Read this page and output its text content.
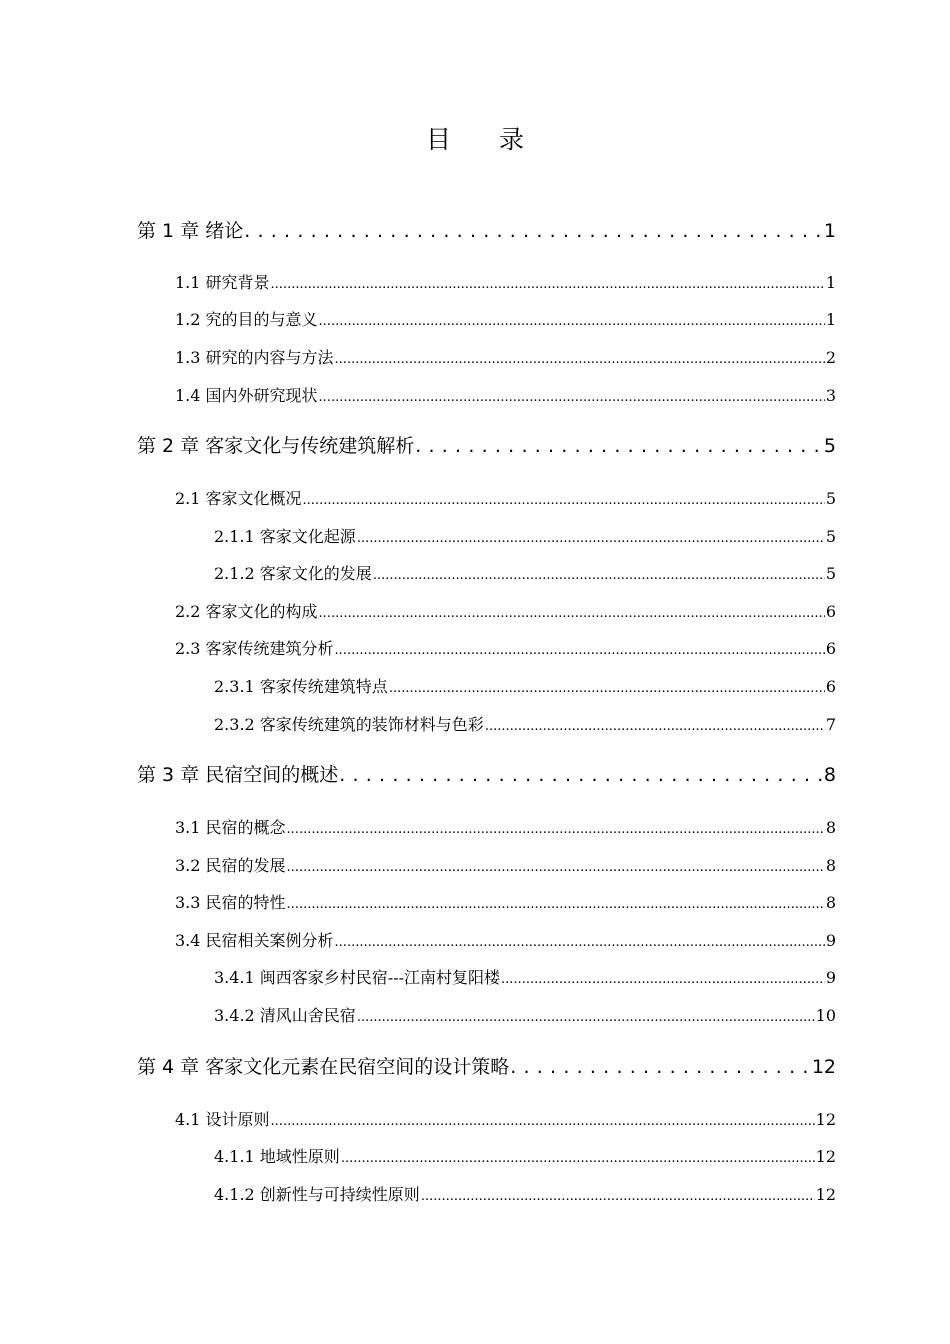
目 录
第 1 章 绪论 . . .	1
1.1 研究背景 .....	1
1.2 究的目的与意义 .....	1
1.3 研究的内容与方法 .....	2
1.4 国内外研究现状 .....	3
第 2 章 客家文化与传统建筑解析 . . .	5
2.1 客家文化概况 .....	5
2.1.1 客家文化起源 .....	5
2.1.2 客家文化的发展 .....	5
2.2 客家文化的构成 .....	6
2.3 客家传统建筑分析 .....	6
2.3.1 客家传统建筑特点 .....	6
2.3.2 客家传统建筑的装饰材料与色彩 .....	7
第 3 章 民宿空间的概述 . . .	8
3.1 民宿的概念 .....	8
3.2 民宿的发展 .....	8
3.3 民宿的特性 .....	8
3.4 民宿相关案例分析 .....	9
3.4.1 闽西客家乡村民宿---江南村复阳楼 .....	9
3.4.2 清风山舍民宿 .....	10
第 4 章 客家文化元素在民宿空间的设计策略 . . .	12
4.1 设计原则 .....	12
4.1.1 地域性原则 .....	12
4.1.2 创新性与可持续性原则 .....	12
